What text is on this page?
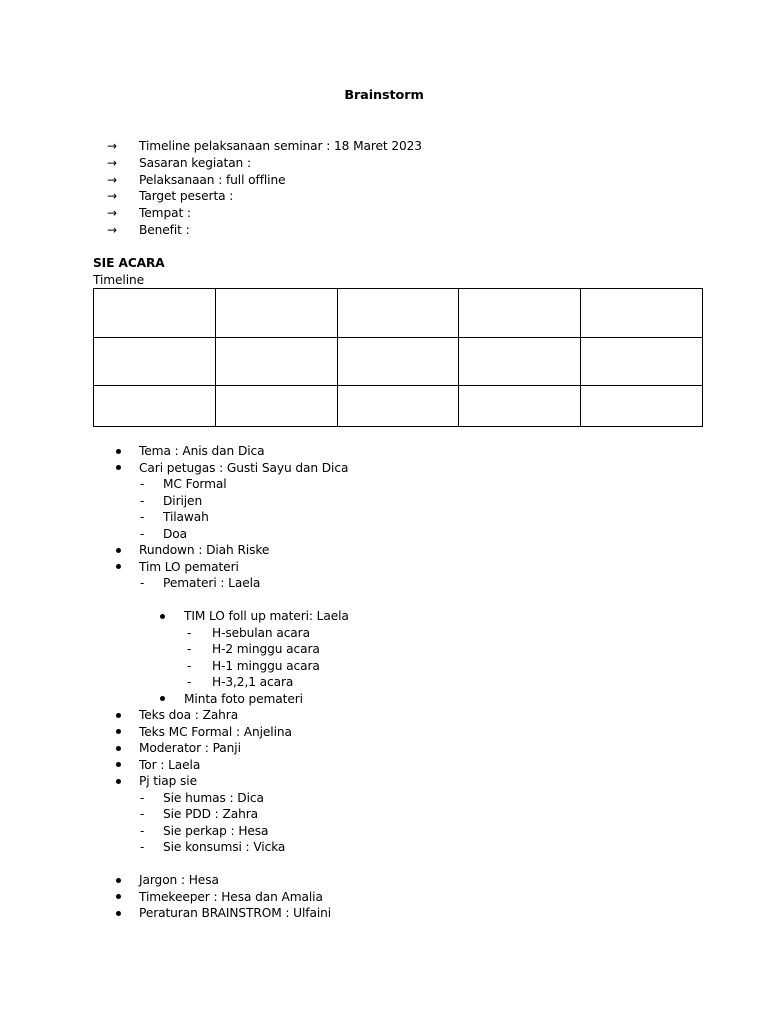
Brainstorm
→	Timeline pelaksanaan seminar : 18 Maret 2023
→	Sasaran kegiatan :
→	Pelaksanaan : full offline
→	Target peserta :
→	Tempat :
→	Benefit :
SIE ACARA
Timeline

Tema : Anis dan Dica
Cari petugas : Gusti Sayu dan Dica
-
MC Formal
-
Dirijen
-
Tilawah
-
Doa
Rundown : Diah Riske
Tim LO pemateri
-
Pemateri : Laela
TIM LO foll up materi: Laela
-
H-sebulan acara
-
H-2 minggu acara
-
H-1 minggu acara
-
H-3,2,1 acara
Minta foto pemateri
Teks doa : Zahra
Teks MC Formal : Anjelina
Moderator : Panji
Tor : Laela
Pj tiap sie
-
Sie humas : Dica
-
Sie PDD : Zahra
-
Sie perkap : Hesa
-
Sie konsumsi : Vicka
Jargon : Hesa
Timekeeper : Hesa dan Amalia
Peraturan BRAINSTROM : Ulfaini
